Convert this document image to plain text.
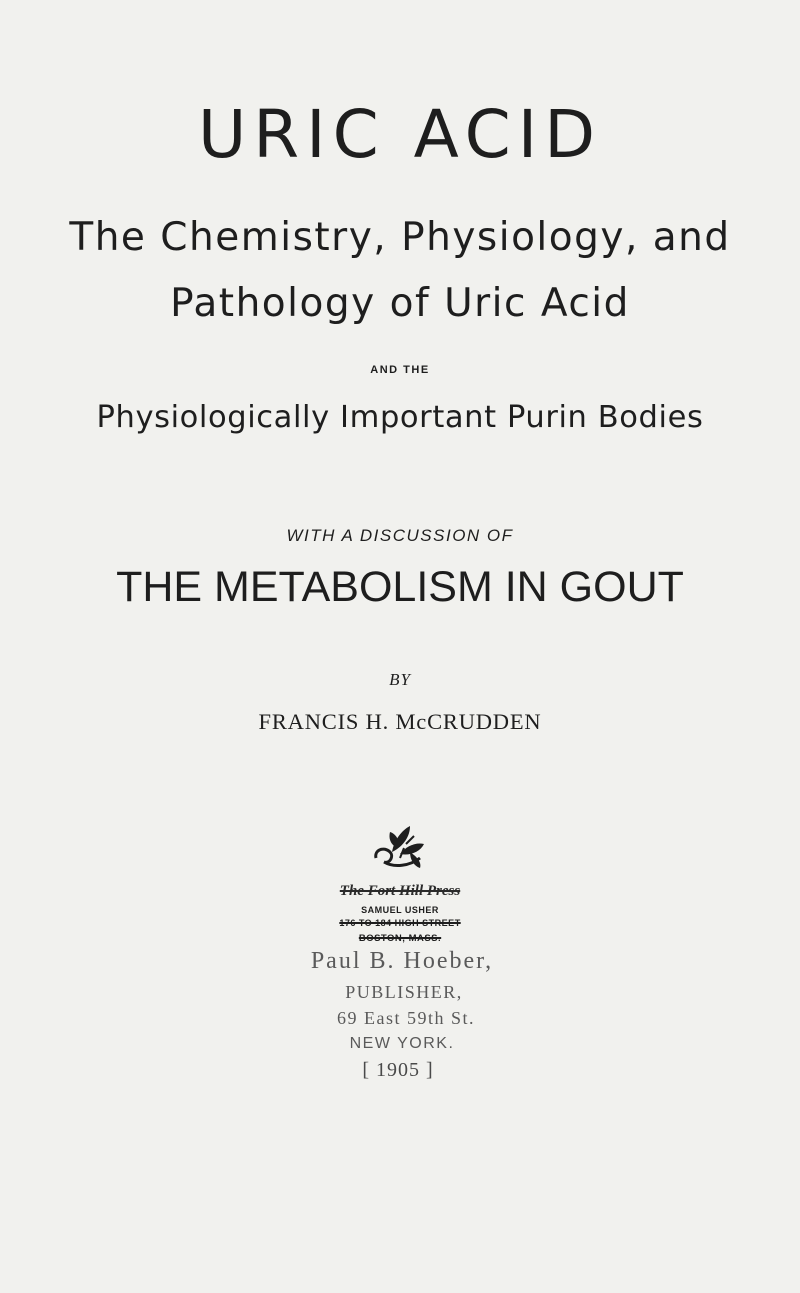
URIC ACID
The Chemistry, Physiology, and
Pathology of Uric Acid
AND THE
Physiologically Important Purin Bodies
WITH A DISCUSSION OF
THE METABOLISM IN GOUT
BY
FRANCIS H. McCRUDDEN
The Fort Hill Press
SAMUEL USHER
176 TO 184 HIGH STREET
BOSTON, MASS.
Paul B. Hoeber,
PUBLISHER,
69 East 59th St.
NEW YORK.
[ 1905 ]
